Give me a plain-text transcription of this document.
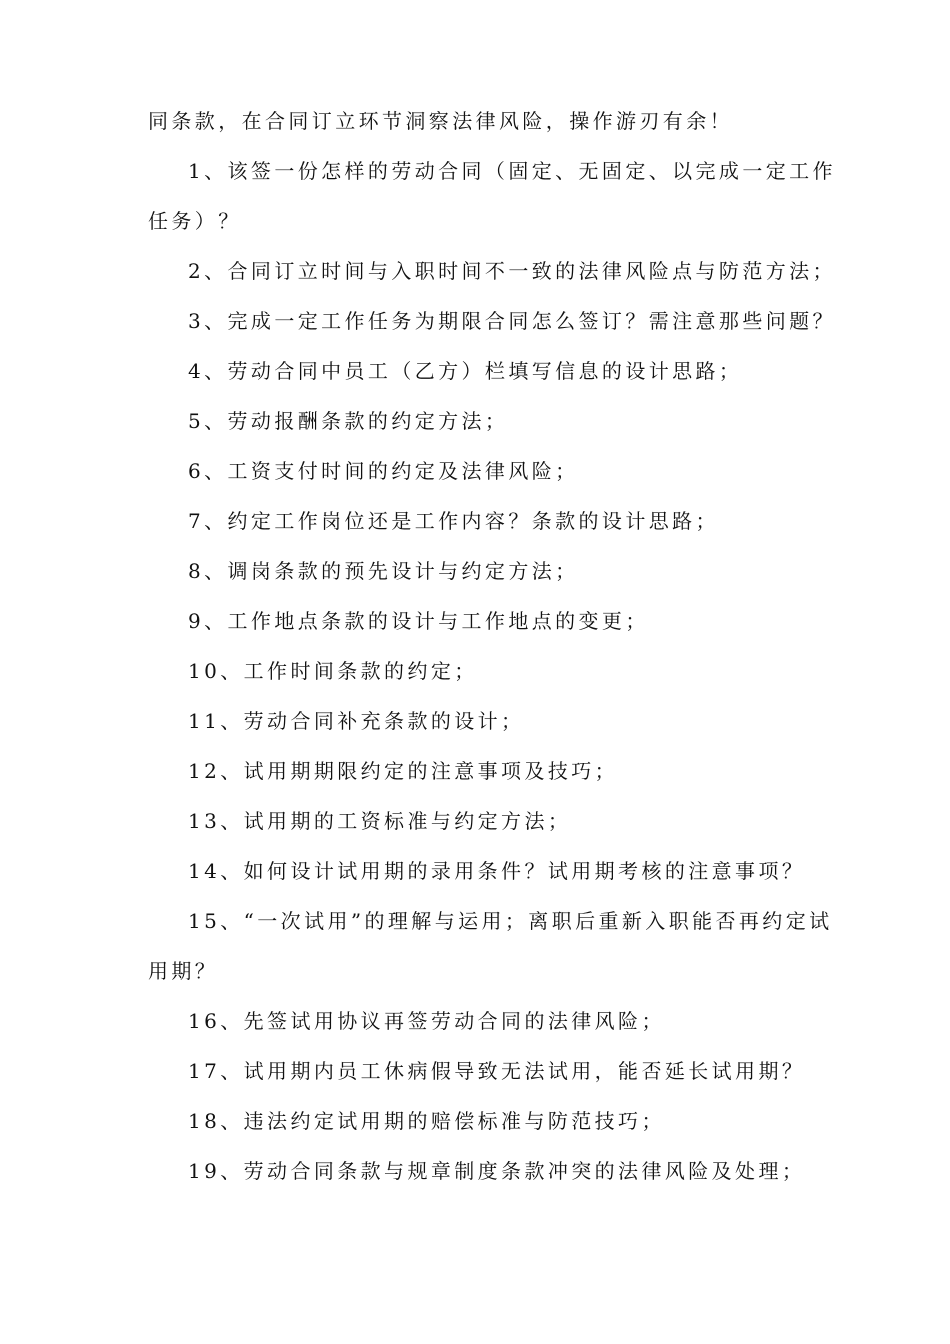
同条款，在合同订立环节洞察法律风险，操作游刃有余！
1、该签一份怎样的劳动合同（固定、无固定、以完成一定工作
任务）？
2、合同订立时间与入职时间不一致的法律风险点与防范方法；
3、完成一定工作任务为期限合同怎么签订？需注意那些问题？
4、劳动合同中员工（乙方）栏填写信息的设计思路；
5、劳动报酬条款的约定方法；
6、工资支付时间的约定及法律风险；
7、约定工作岗位还是工作内容？条款的设计思路；
8、调岗条款的预先设计与约定方法；
9、工作地点条款的设计与工作地点的变更；
10、工作时间条款的约定；
11、劳动合同补充条款的设计；
12、试用期期限约定的注意事项及技巧；
13、试用期的工资标准与约定方法；
14、如何设计试用期的录用条件？试用期考核的注意事项？
15、“一次试用”的理解与运用；离职后重新入职能否再约定试
用期？
16、先签试用协议再签劳动合同的法律风险；
17、试用期内员工休病假导致无法试用，能否延长试用期？
18、违法约定试用期的赔偿标准与防范技巧；
19、劳动合同条款与规章制度条款冲突的法律风险及处理；
